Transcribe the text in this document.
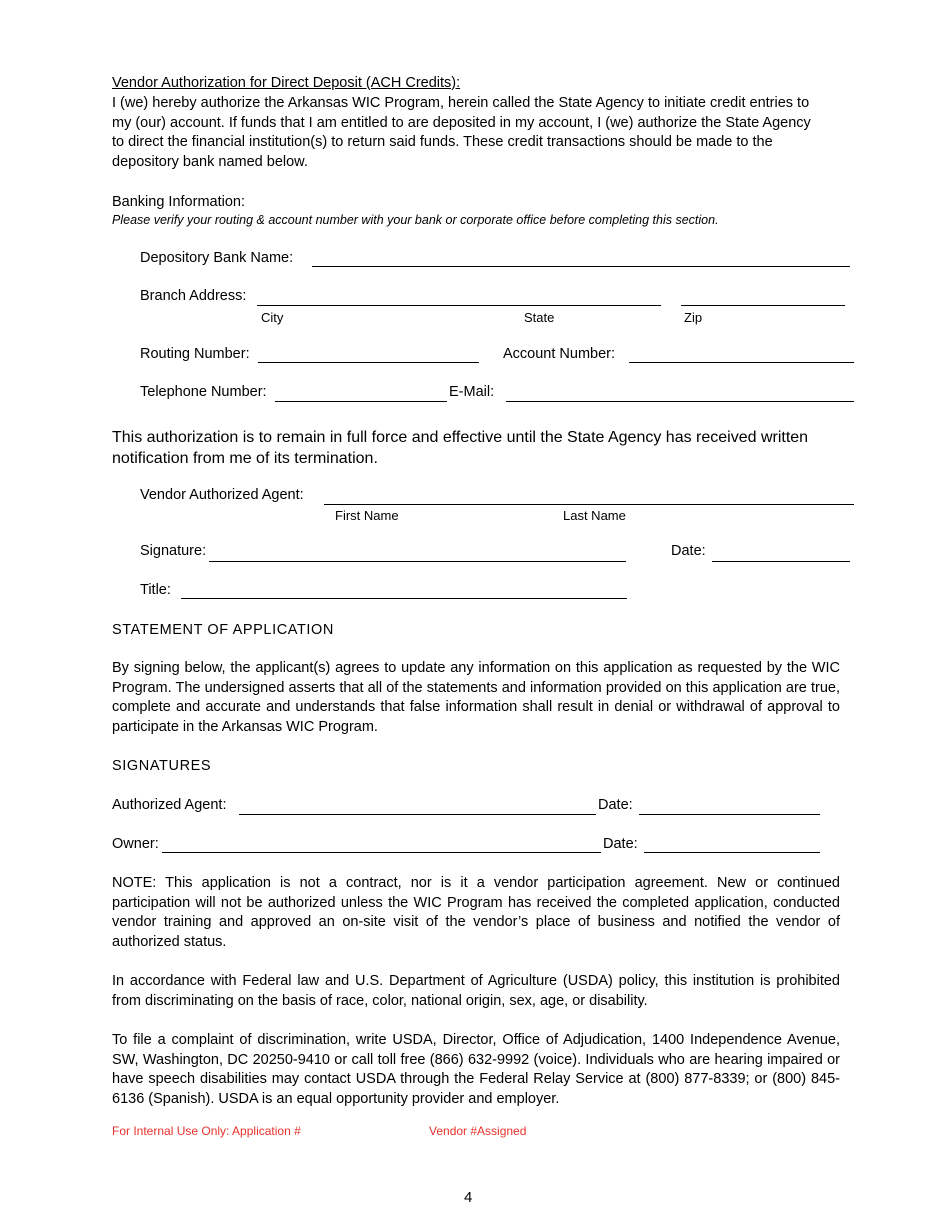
Vendor Authorization for Direct Deposit (ACH Credits):
I (we) hereby authorize the Arkansas WIC Program, herein called the State Agency to initiate credit entries to my (our) account. If funds that I am entitled to are deposited in my account, I (we) authorize the State Agency to direct the financial institution(s) to return said funds. These credit transactions should be made to the depository bank named below.
Banking Information:
Please verify your routing & account number with your bank or corporate office before completing this section.
Depository Bank Name:
Branch Address:
City	State	Zip
Routing Number:	Account Number:
Telephone Number:	E-Mail:
This authorization is to remain in full force and effective until the State Agency has received written notification from me of its termination.
Vendor Authorized Agent:
First Name	Last Name
Signature:	Date:
Title:
STATEMENT OF APPLICATION
By signing below, the applicant(s) agrees to update any information on this application as requested by the WIC Program. The undersigned asserts that all of the statements and information provided on this application are true, complete and accurate and understands that false information shall result in denial or withdrawal of approval to participate in the Arkansas WIC Program.
SIGNATURES
Authorized Agent:	Date:
Owner:	Date:
NOTE: This application is not a contract, nor is it a vendor participation agreement. New or continued participation will not be authorized unless the WIC Program has received the completed application, conducted vendor training and approved an on-site visit of the vendor’s place of business and notified the vendor of authorized status.
In accordance with Federal law and U.S. Department of Agriculture (USDA) policy, this institution is prohibited from discriminating on the basis of race, color, national origin, sex, age, or disability.
To file a complaint of discrimination, write USDA, Director, Office of Adjudication, 1400 Independence Avenue, SW, Washington, DC 20250-9410 or call toll free (866) 632-9992 (voice). Individuals who are hearing impaired or have speech disabilities may contact USDA through the Federal Relay Service at (800) 877-8339; or (800) 845-6136 (Spanish). USDA is an equal opportunity provider and employer.
For Internal Use Only: Application #	Vendor #Assigned
4
